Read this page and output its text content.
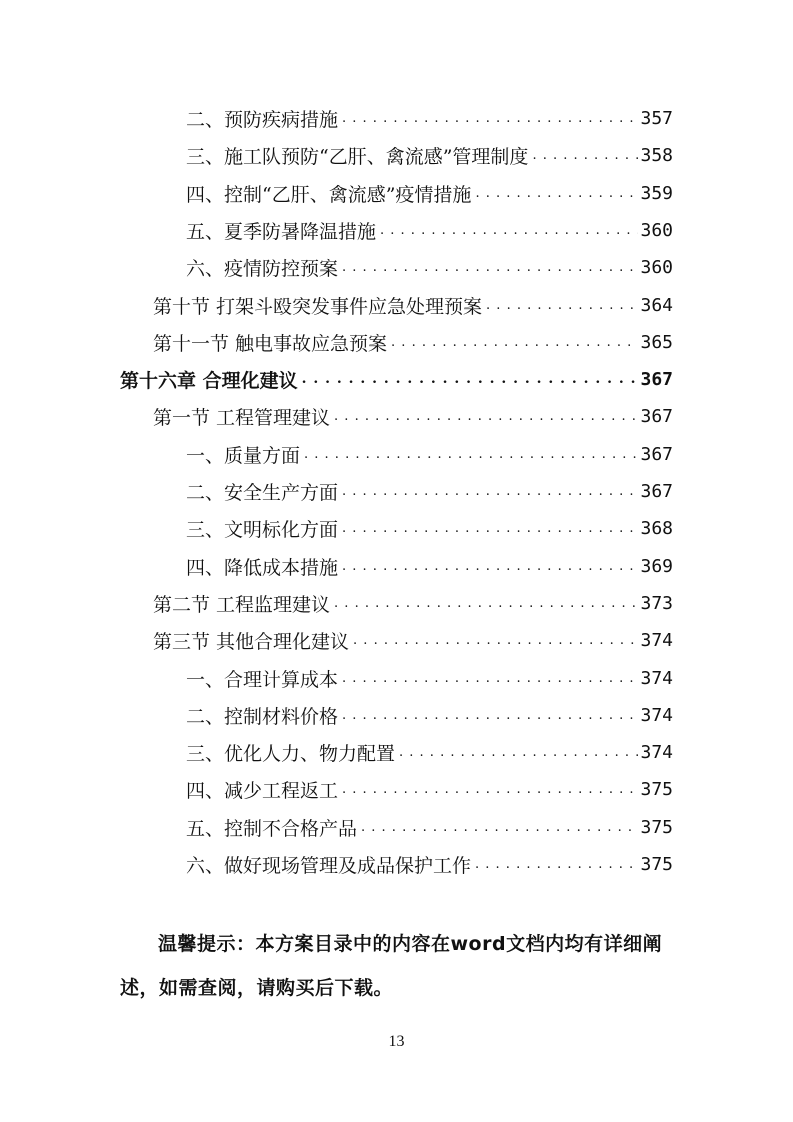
二、预防疾病措施 . . .	357
三、施工队预防“乙肝、禽流感”管理制度 . . .	358
四、控制“乙肝、禽流感”疫情措施 . . .	359
五、夏季防暑降温措施 . . .	360
六、疫情防控预案 . . .	360
第十节 打架斗殴突发事件应急处理预案 . . .	364
第十一节 触电事故应急预案 . . .	365
第十六章 合理化建议 . . .	367
第一节 工程管理建议 . . .	367
一、质量方面 . . .	367
二、安全生产方面 . . .	367
三、文明标化方面 . . .	368
四、降低成本措施 . . .	369
第二节 工程监理建议 . . .	373
第三节 其他合理化建议 . . .	374
一、合理计算成本 . . .	374
二、控制材料价格 . . .	374
三、优化人力、物力配置 . . .	374
四、减少工程返工 . . .	375
五、控制不合格产品 . . .	375
六、做好现场管理及成品保护工作 . . .	375
温馨提示：本方案目录中的内容在word文档内均有详细阐述，如需查阅，请购买后下载。
13
